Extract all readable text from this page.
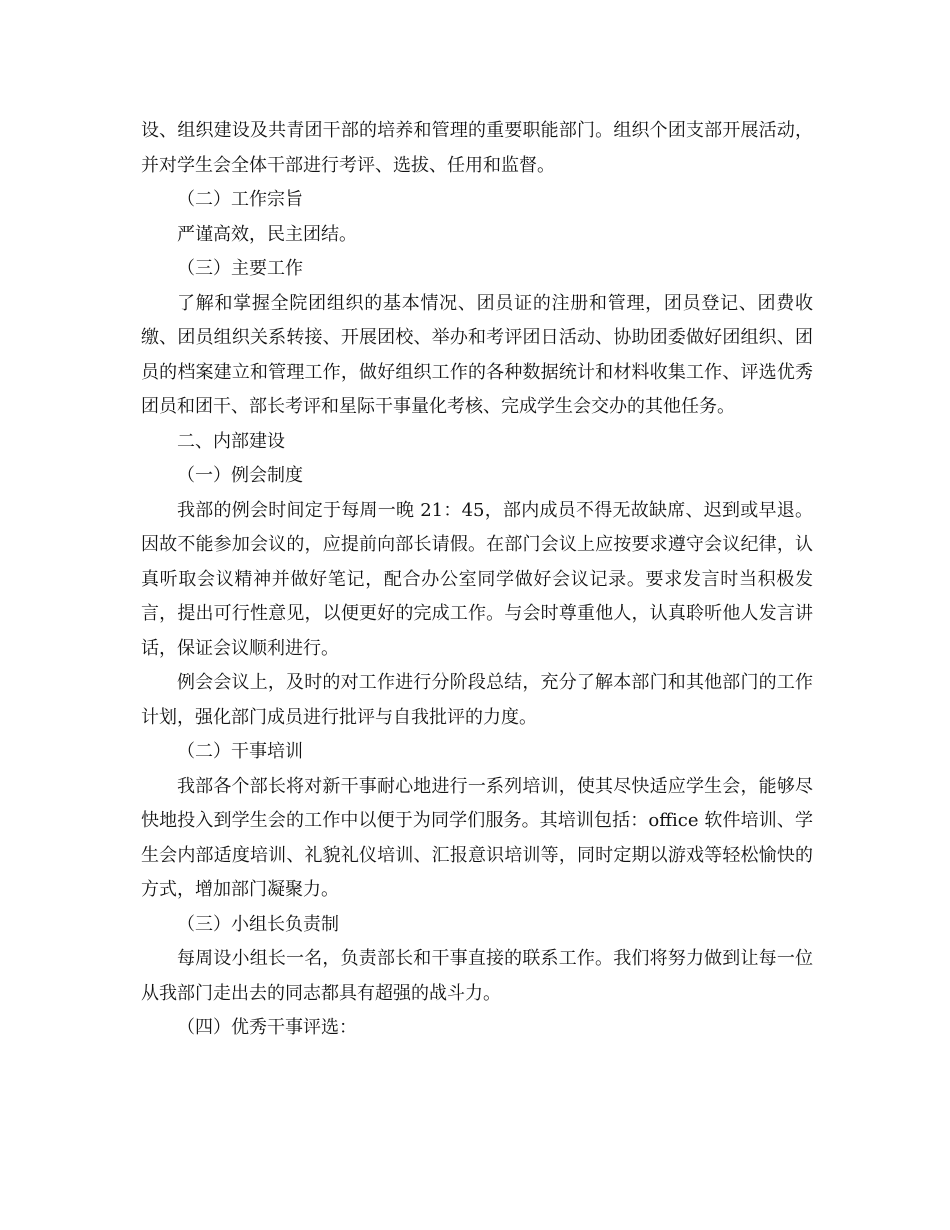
设、组织建设及共青团干部的培养和管理的重要职能部门。组织个团支部开展活动，并对学生会全体干部进行考评、选拔、任用和监督。

（二）工作宗旨

严谨高效，民主团结。

（三）主要工作

了解和掌握全院团组织的基本情况、团员证的注册和管理，团员登记、团费收缴、团员组织关系转接、开展团校、举办和考评团日活动、协助团委做好团组织、团员的档案建立和管理工作，做好组织工作的各种数据统计和材料收集工作、评选优秀团员和团干、部长考评和星际干事量化考核、完成学生会交办的其他任务。

二、内部建设

（一）例会制度

我部的例会时间定于每周一晚 21：45，部内成员不得无故缺席、迟到或早退。因故不能参加会议的，应提前向部长请假。在部门会议上应按要求遵守会议纪律，认真听取会议精神并做好笔记，配合办公室同学做好会议记录。要求发言时当积极发言，提出可行性意见，以便更好的完成工作。与会时尊重他人，认真聆听他人发言讲话，保证会议顺利进行。

例会会议上，及时的对工作进行分阶段总结，充分了解本部门和其他部门的工作计划，强化部门成员进行批评与自我批评的力度。

（二）干事培训

我部各个部长将对新干事耐心地进行一系列培训，使其尽快适应学生会，能够尽快地投入到学生会的工作中以便于为同学们服务。其培训包括：office 软件培训、学生会内部适度培训、礼貌礼仪培训、汇报意识培训等，同时定期以游戏等轻松愉快的方式，增加部门凝聚力。

（三）小组长负责制

每周设小组长一名，负责部长和干事直接的联系工作。我们将努力做到让每一位从我部门走出去的同志都具有超强的战斗力。

（四）优秀干事评选：
